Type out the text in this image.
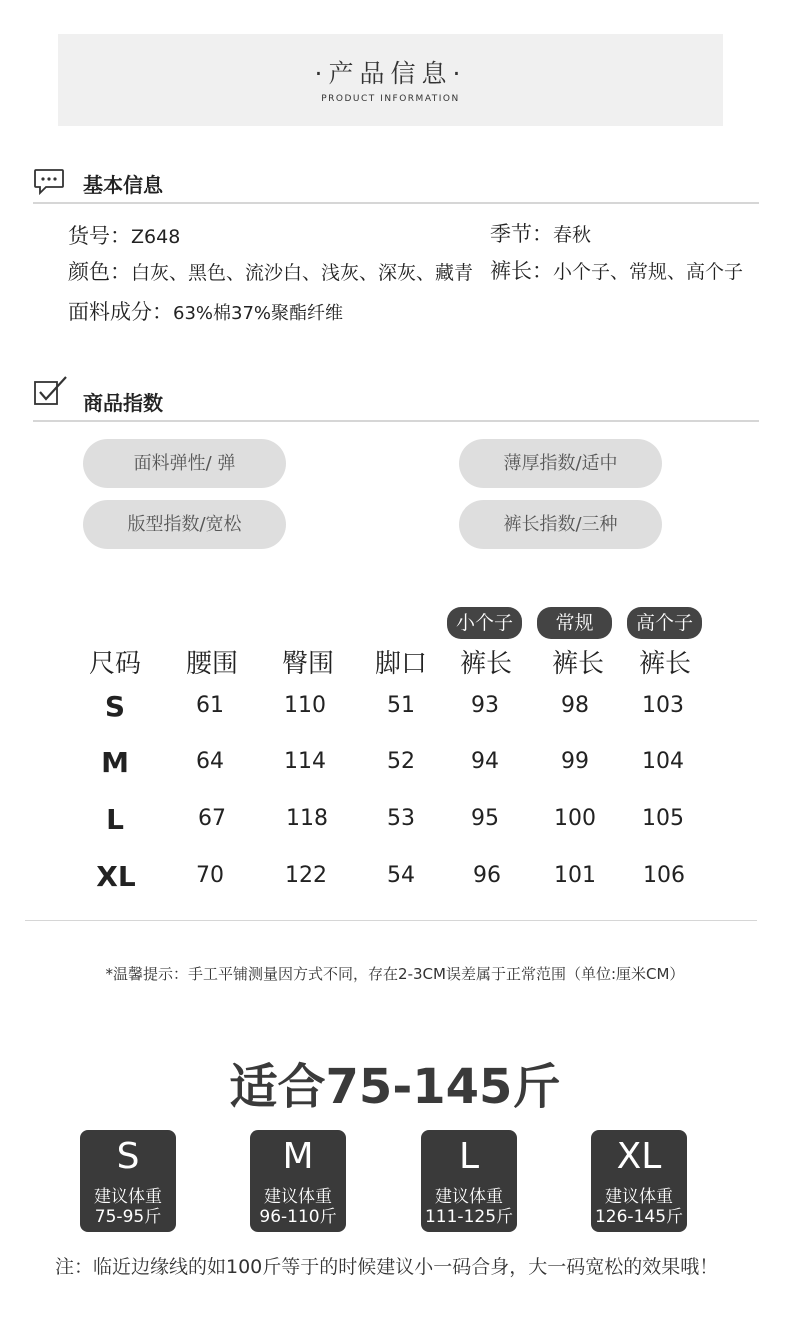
·产品信息·
PRODUCT INFORMATION
基本信息
货号：Z648	季节：春秋
颜色：白灰、黑色、流沙白、浅灰、深灰、藏青 裤长：小个子、常规、高个子
面料成分：63%棉37%聚酯纤维
商品指数
面料弹性/ 弹	薄厚指数/适中
版型指数/宽松	裤长指数/三种
小个子	常规	高个子
尺码	腰围	臀围	脚口	裤长	裤长	裤长
S	61	110	51	93	98	103
M	64	114	52	94	99	104
L	67	118	53	95	100	105
XL	70	122	54	96	101	106
*温馨提示：手工平铺测量因方式不同，存在2-3CM误差属于正常范围（单位:厘米CM）
适合75-145斤
S
建议体重
75-95斤
M
建议体重
96-110斤
L
建议体重
111-125斤
XL
建议体重
126-145斤
注：临近边缘线的如100斤等于的时候建议小一码合身，大一码宽松的效果哦！
